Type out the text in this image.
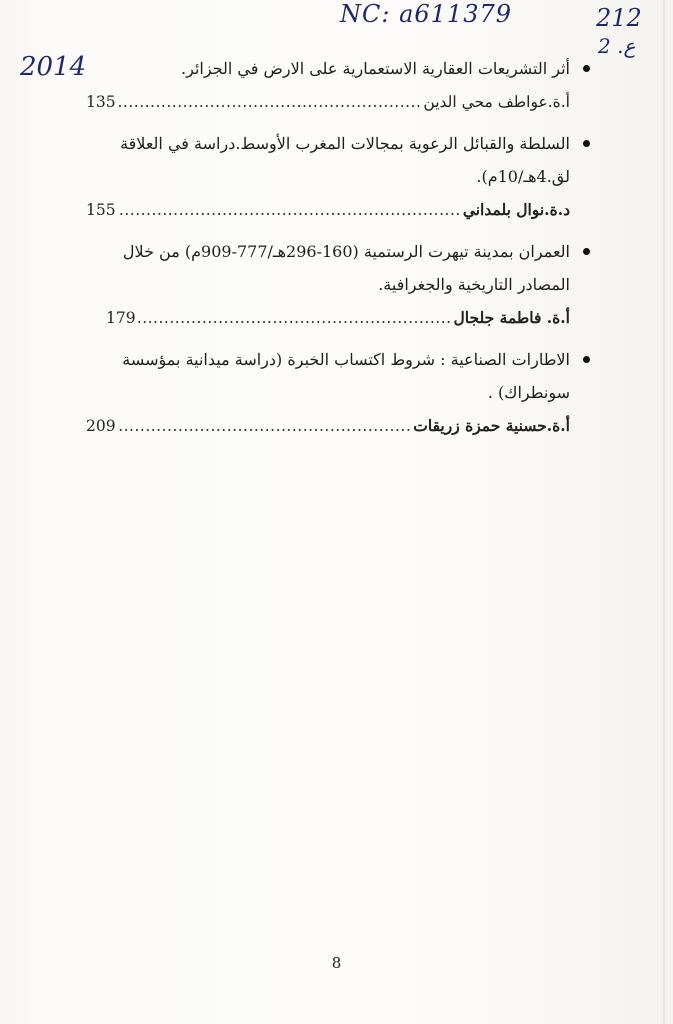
NC: a611379
2014
212
2 .ع

أثر التشريعات العقارية الاستعمارية على الارض في الجزائر.

أ.ة.عواطف محي الدين
.....
135

السلطة والقبائل الرعوية بمجالات المغرب الأوسط.دراسة في العلاقة لق.4هـ/10م).

د.ة.نوال بلمداني
.....
155

العمران بمدينة تيهرت الرستمية (160-296هـ/777-909م) من خلال المصادر التاريخية والجغرافية.

أ.ة. فاطمة جلجال
.....
179

الاطارات الصناعية : شروط اكتساب الخبرة (دراسة ميدانية بمؤسسة سونطراك) .

أ.ة.حسنية حمزة زريقات
.....
209
8
